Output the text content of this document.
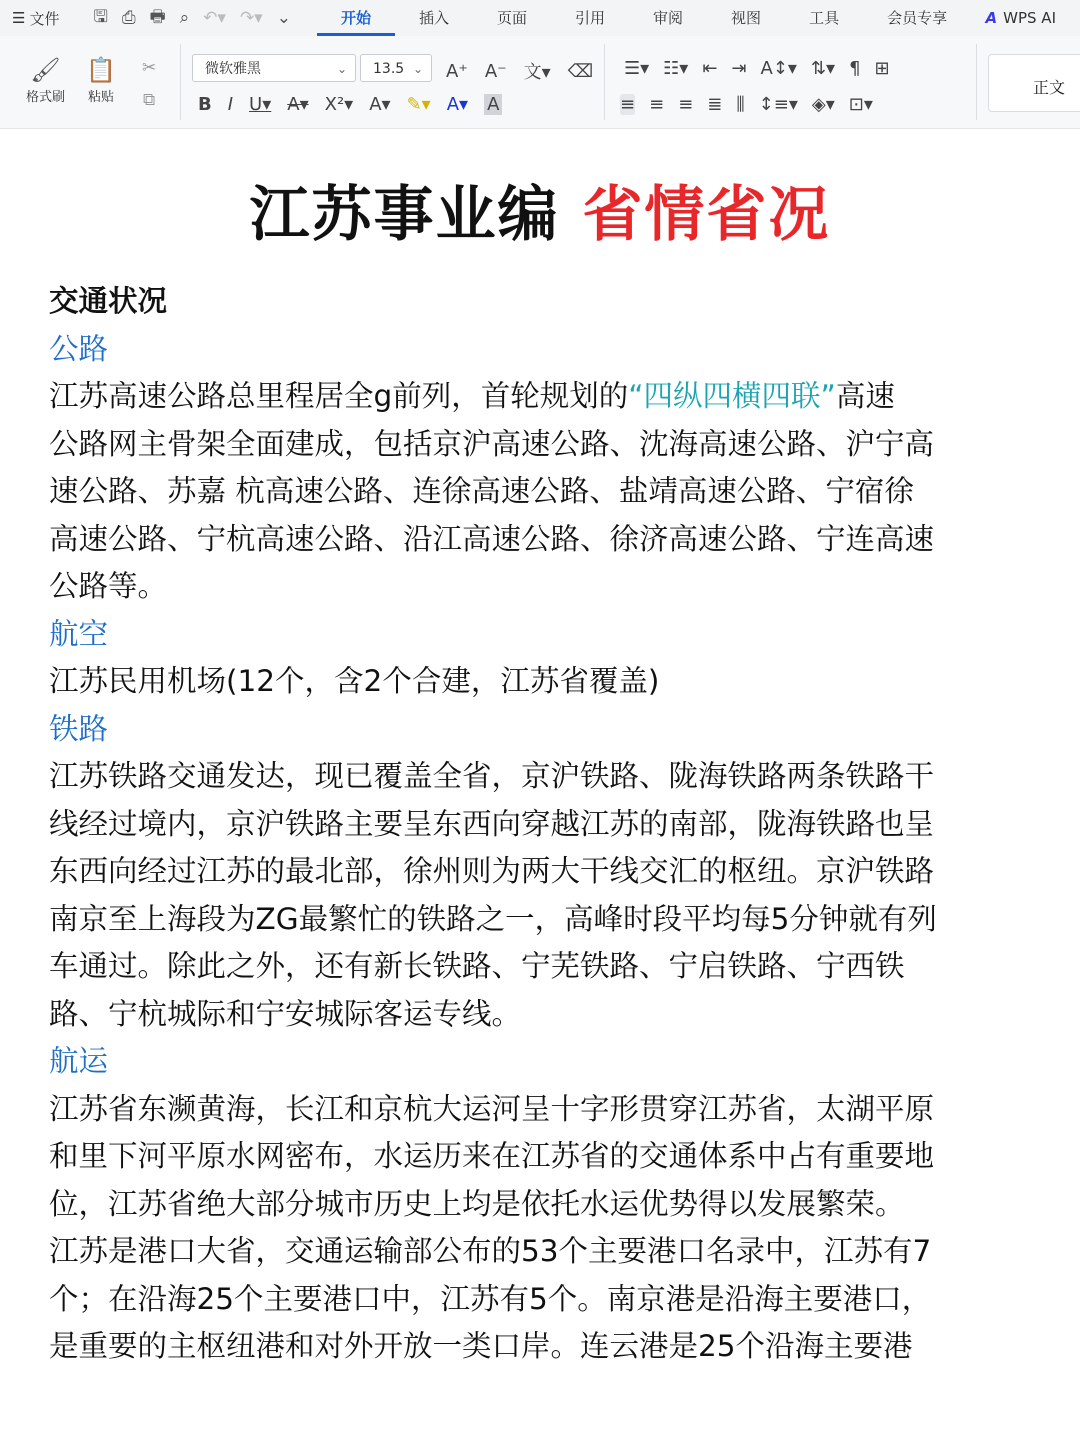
☰ 文件 🖫 ⎙ 🖶 ⌕ ↶▾ ↷▾ ⌄	开始	插入	页面	引用	审阅	视图	工具	会员专享	A WPS AI
🖌
格式刷
📋
粘贴
✂
⧉
微软雅黑	⌄	13.5 ⌄ A⁺ A⁻ 文▾ ⌫
B I U▾ A▾ X²▾ A▾ ✎▾ A▾ A
☰▾ ☷▾ ⇤ ⇥ A↕▾ ⇅▾ ¶ ⊞
≡ ≡ ≡ ≣ ⫼ ↕≡▾ ◈▾ ⊡▾
正文
江苏事业编 省情省况
交通状况
公路
江苏高速公路总里程居全g前列，首轮规划的“四纵四横四联”高速
公路网主骨架全面建成，包括京沪高速公路、沈海高速公路、沪宁高
速公路、苏嘉 杭高速公路、连徐高速公路、盐靖高速公路、宁宿徐
高速公路、宁杭高速公路、沿江高速公路、徐济高速公路、宁连高速
公路等。
航空
江苏民用机场(12个，含2个合建，江苏省覆盖)
铁路
江苏铁路交通发达，现已覆盖全省，京沪铁路、陇海铁路两条铁路干
线经过境内，京沪铁路主要呈东西向穿越江苏的南部，陇海铁路也呈
东西向经过江苏的最北部，徐州则为两大干线交汇的枢纽。京沪铁路
南京至上海段为ZG最繁忙的铁路之一，高峰时段平均每5分钟就有列
车通过。除此之外，还有新长铁路、宁芜铁路、宁启铁路、宁西铁
路、宁杭城际和宁安城际客运专线。
航运
江苏省东濒黄海，长江和京杭大运河呈十字形贯穿江苏省，太湖平原
和里下河平原水网密布，水运历来在江苏省的交通体系中占有重要地
位，江苏省绝大部分城市历史上均是依托水运优势得以发展繁荣。
江苏是港口大省，交通运输部公布的53个主要港口名录中，江苏有7
个；在沿海25个主要港口中，江苏有5个。南京港是沿海主要港口，
是重要的主枢纽港和对外开放一类口岸。连云港是25个沿海主要港
